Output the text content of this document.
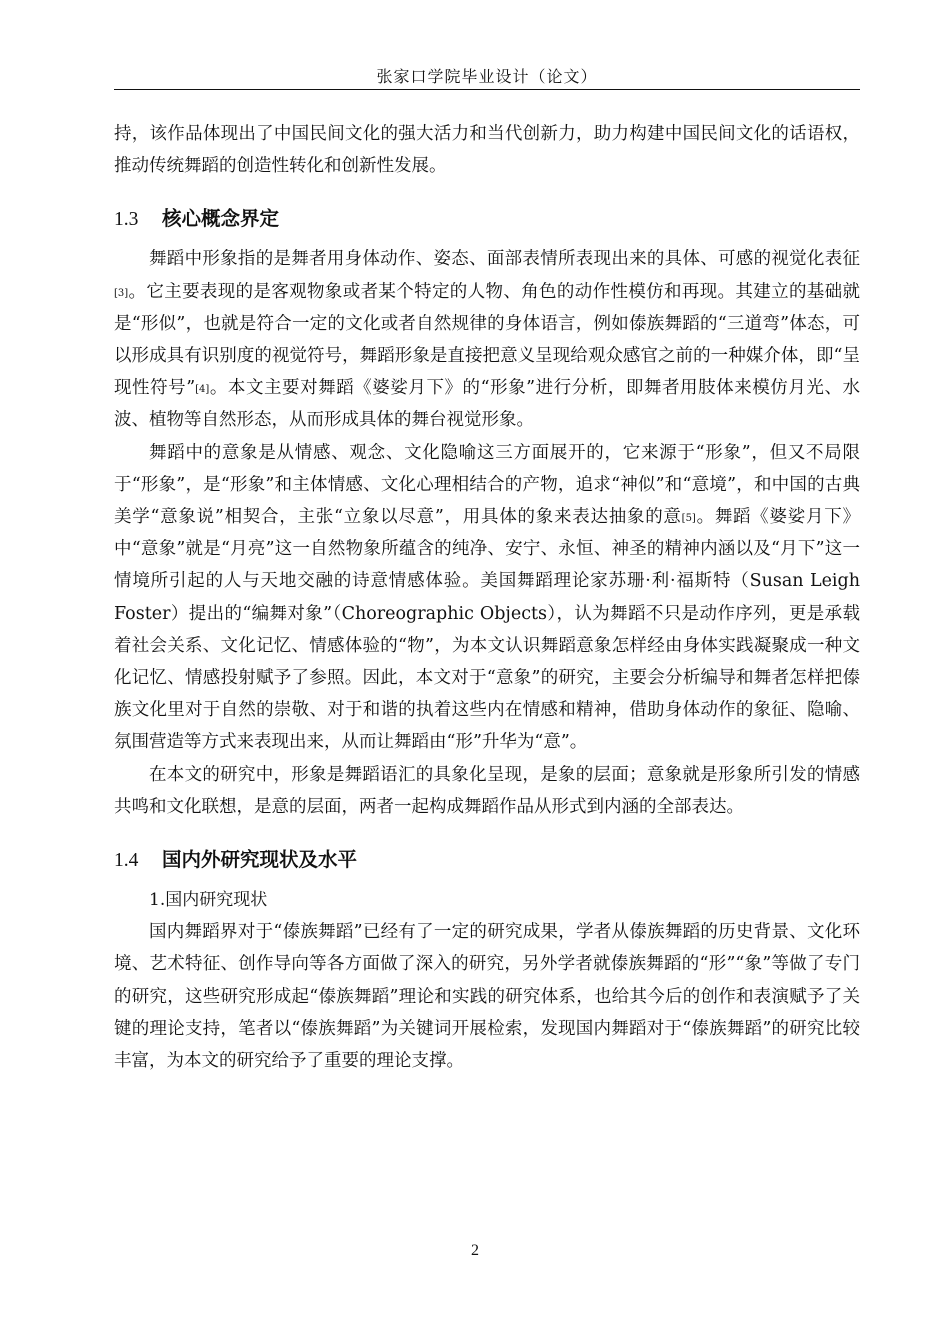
张家口学院毕业设计（论文）

持，该作品体现出了中国民间文化的强大活力和当代创新力，助力构建中国民间文化的话语权，推动传统舞蹈的创造性转化和创新性发展。

1.3 核心概念界定

舞蹈中形象指的是舞者用身体动作、姿态、面部表情所表现出来的具体、可感的视觉化表征[3]。它主要表现的是客观物象或者某个特定的人物、角色的动作性模仿和再现。其建立的基础就是“形似”，也就是符合一定的文化或者自然规律的身体语言，例如傣族舞蹈的“三道弯”体态，可以形成具有识别度的视觉符号，舞蹈形象是直接把意义呈现给观众感官之前的一种媒介体，即“呈现性符号”[4]。本文主要对舞蹈《婆娑月下》的“形象”进行分析，即舞者用肢体来模仿月光、水波、植物等自然形态，从而形成具体的舞台视觉形象。

舞蹈中的意象是从情感、观念、文化隐喻这三方面展开的，它来源于“形象”，但又不局限于“形象”，是“形象”和主体情感、文化心理相结合的产物，追求“神似”和“意境”，和中国的古典美学“意象说”相契合，主张“立象以尽意”，用具体的象来表达抽象的意[5]。舞蹈《婆娑月下》中“意象”就是“月亮”这一自然物象所蕴含的纯净、安宁、永恒、神圣的精神内涵以及“月下”这一情境所引起的人与天地交融的诗意情感体验。美国舞蹈理论家苏珊·利·福斯特（Susan Leigh Foster）提出的“编舞对象”（Choreographic Objects），认为舞蹈不只是动作序列，更是承载着社会关系、文化记忆、情感体验的“物”，为本文认识舞蹈意象怎样经由身体实践凝聚成一种文化记忆、情感投射赋予了参照。因此，本文对于“意象”的研究，主要会分析编导和舞者怎样把傣族文化里对于自然的崇敬、对于和谐的执着这些内在情感和精神，借助身体动作的象征、隐喻、氛围营造等方式来表现出来，从而让舞蹈由“形”升华为“意”。

在本文的研究中，形象是舞蹈语汇的具象化呈现，是象的层面；意象就是形象所引发的情感共鸣和文化联想，是意的层面，两者一起构成舞蹈作品从形式到内涵的全部表达。

1.4 国内外研究现状及水平

1.国内研究现状

国内舞蹈界对于“傣族舞蹈”已经有了一定的研究成果，学者从傣族舞蹈的历史背景、文化环境、艺术特征、创作导向等各方面做了深入的研究，另外学者就傣族舞蹈的“形”“象”等做了专门的研究，这些研究形成起“傣族舞蹈”理论和实践的研究体系，也给其今后的创作和表演赋予了关键的理论支持，笔者以“傣族舞蹈”为关键词开展检索，发现国内舞蹈对于“傣族舞蹈”的研究比较丰富，为本文的研究给予了重要的理论支撑。

2
